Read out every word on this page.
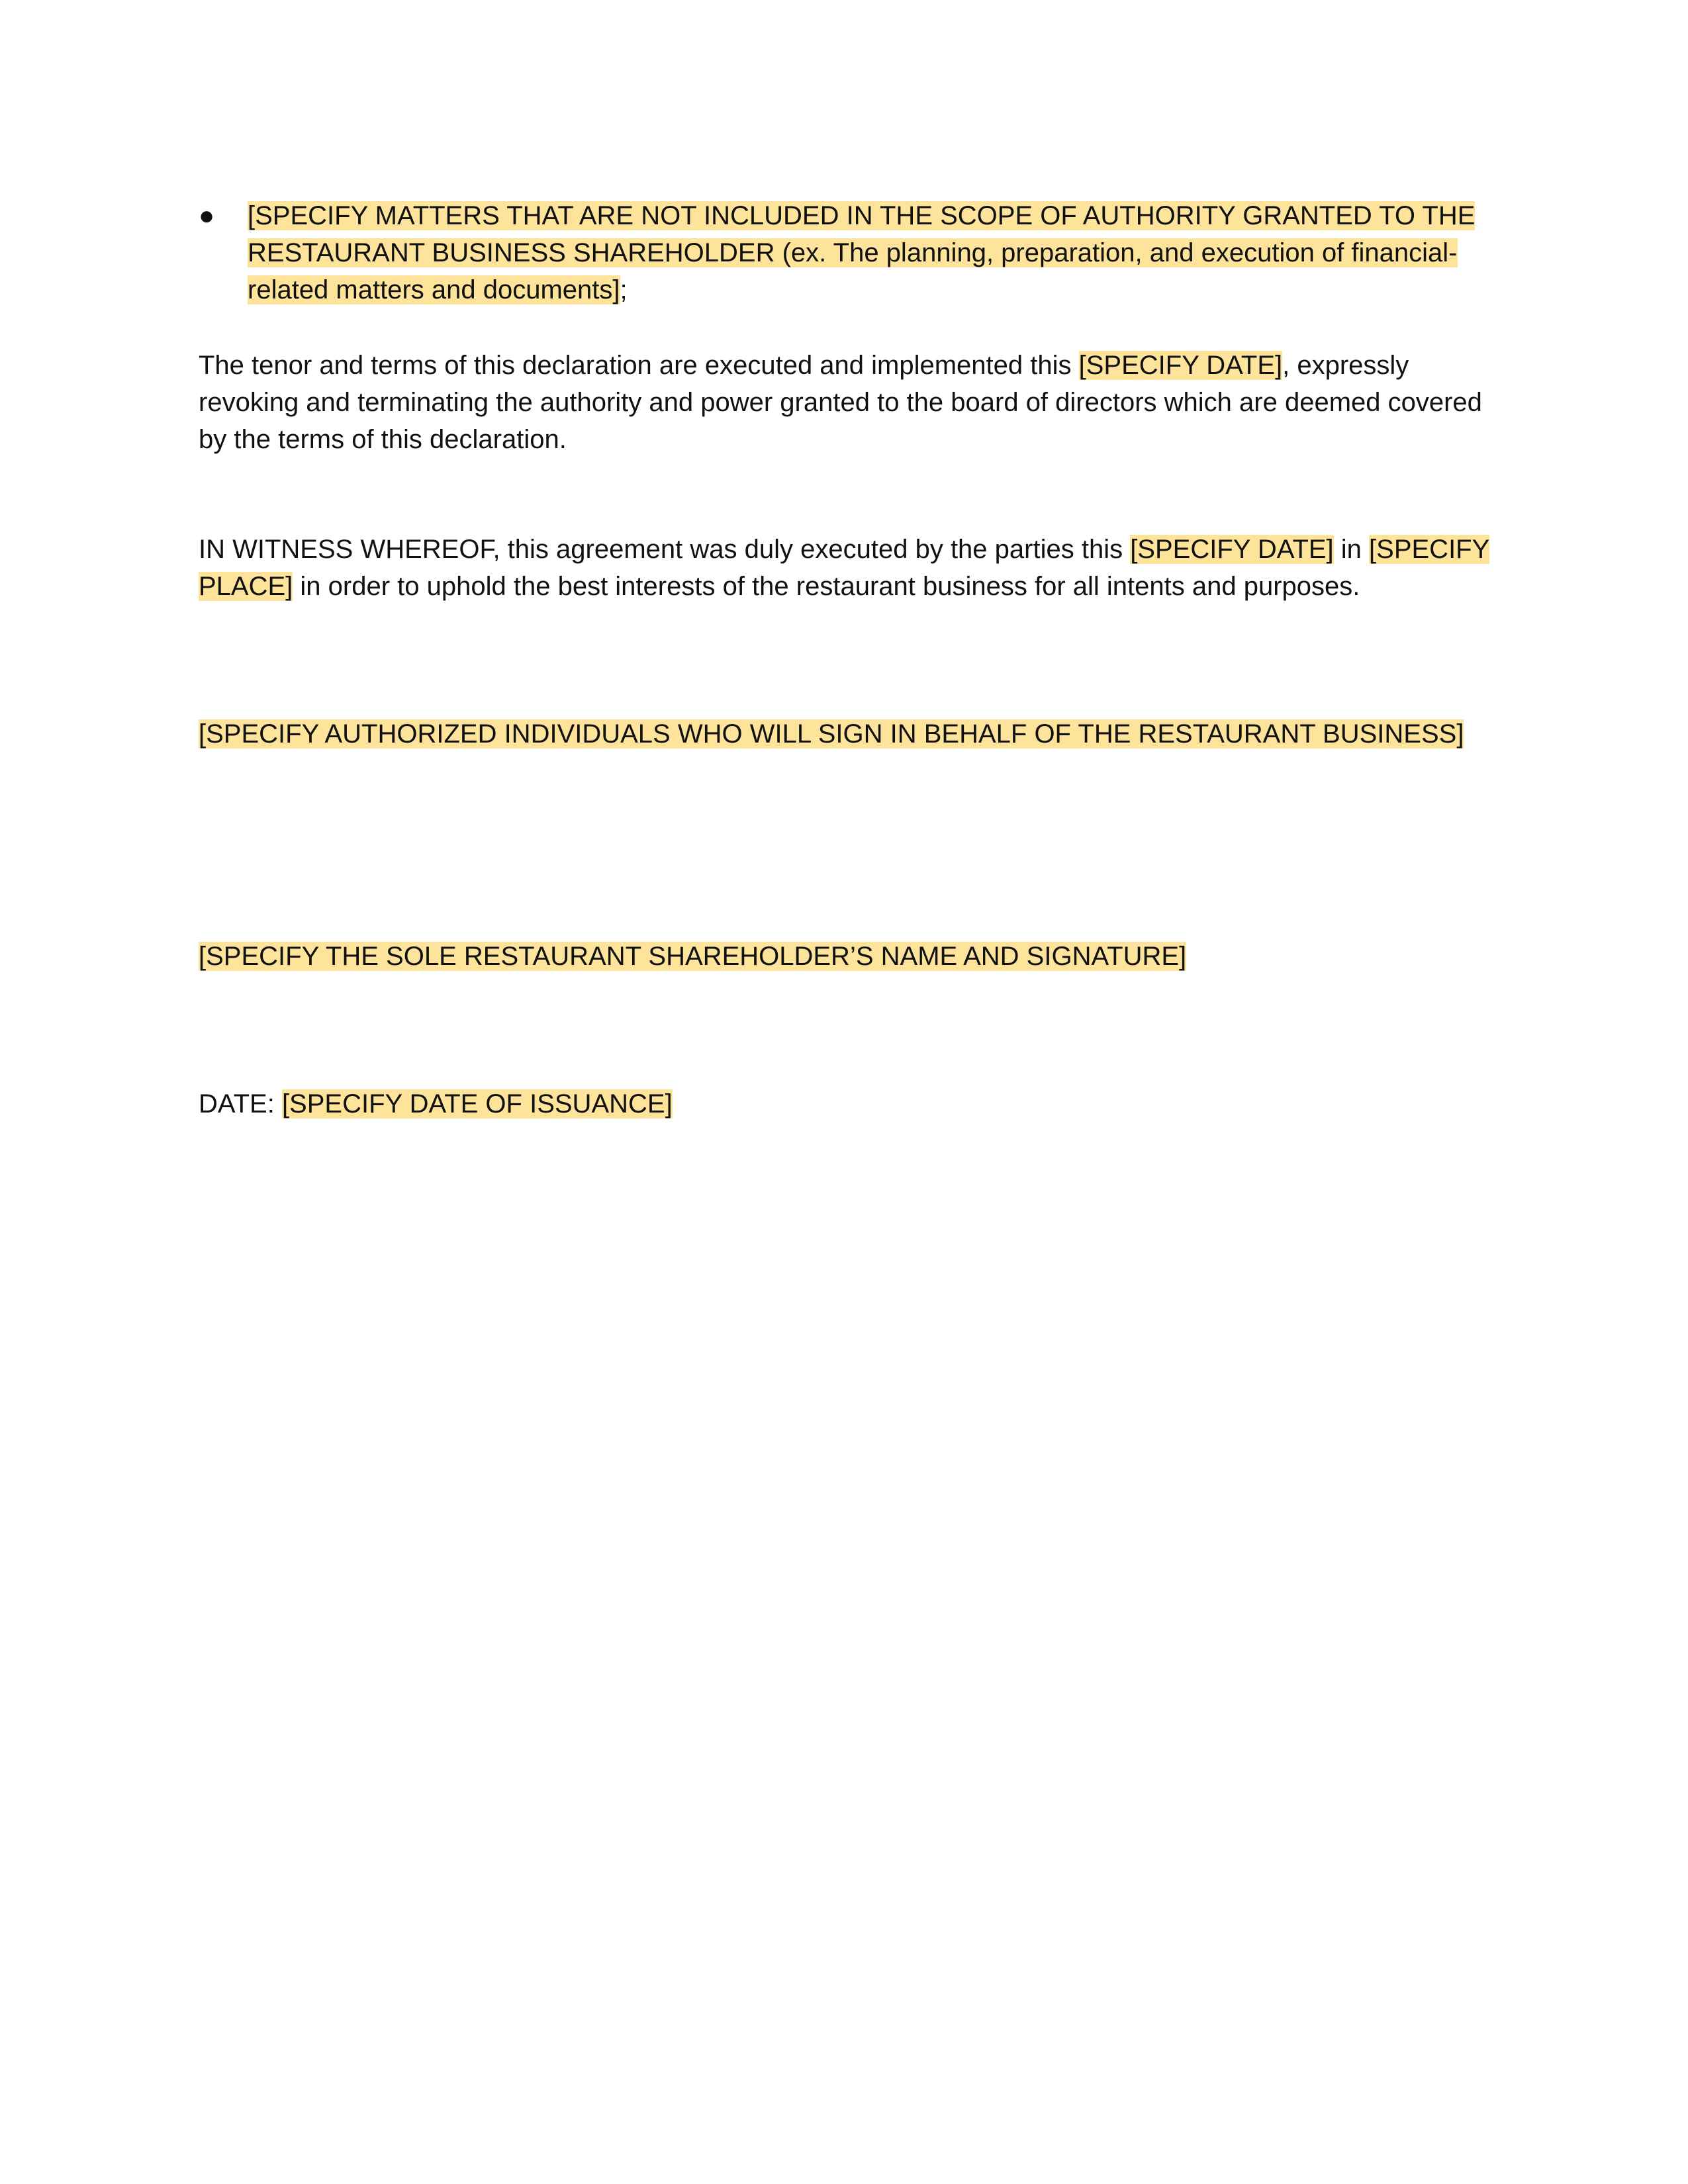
●	[SPECIFY MATTERS THAT ARE NOT INCLUDED IN THE SCOPE OF AUTHORITY GRANTED TO THE RESTAURANT BUSINESS SHAREHOLDER (ex. The planning, preparation, and execution of financial-related matters and documents];

The tenor and terms of this declaration are executed and implemented this [SPECIFY DATE], expressly revoking and terminating the authority and power granted to the board of directors which are deemed covered by the terms of this declaration.

IN WITNESS WHEREOF, this agreement was duly executed by the parties this [SPECIFY DATE] in [SPECIFY PLACE] in order to uphold the best interests of the restaurant business for all intents and purposes.

[SPECIFY AUTHORIZED INDIVIDUALS WHO WILL SIGN IN BEHALF OF THE RESTAURANT BUSINESS]

[SPECIFY THE SOLE RESTAURANT SHAREHOLDER’S NAME AND SIGNATURE]

DATE: [SPECIFY DATE OF ISSUANCE]
